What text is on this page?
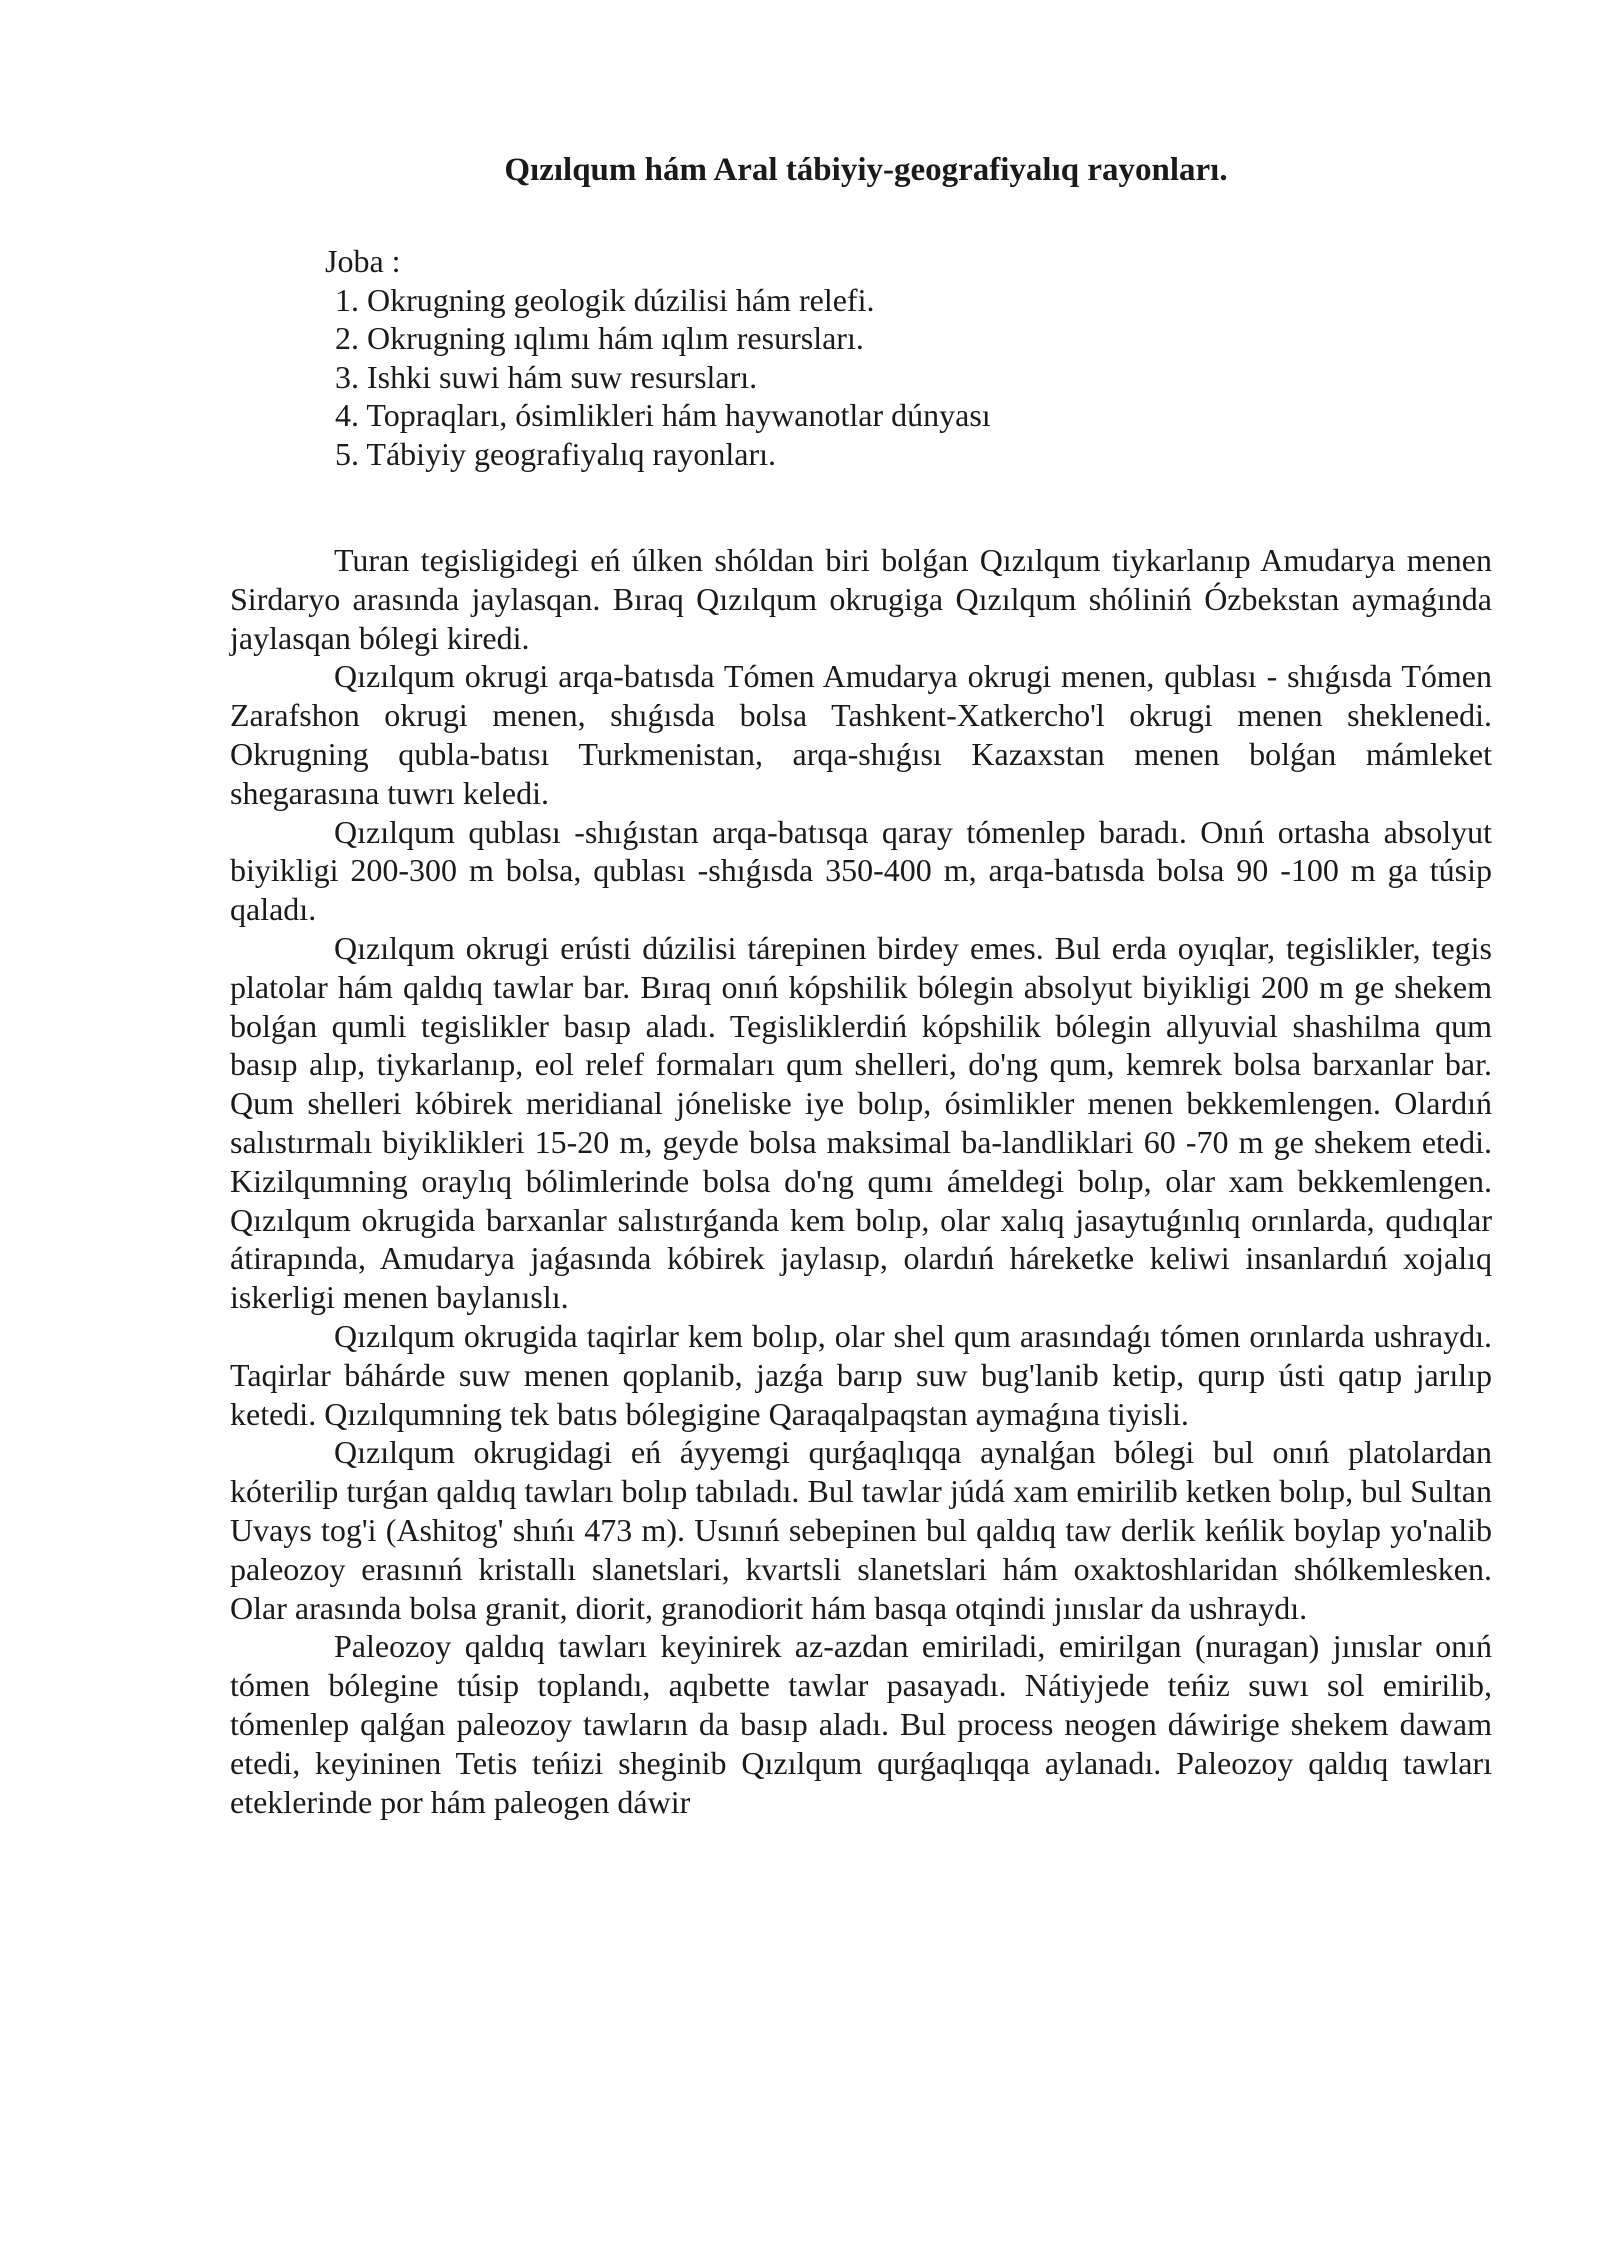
Qızılqum hám Aral tábiyiy-geografiyalıq rayonları.
Joba :
1. Okrugning geologik dúzilisi hám relefi.
2. Okrugning ıqlımı hám ıqlım resursları.
3. Ishki suwi hám suw resursları.
4. Topraqları, ósimlikleri hám haywanotlar dúnyası
5. Tábiyiy geografiyalıq rayonları.

Turan tegisligidegi eń úlken shóldan biri bolǵan Qızılqum tiykarlanıp Amudarya menen Sirdaryo arasında jaylasqan. Bıraq Qızılqum okrugiga Qızılqum shóliniń Ózbekstan aymaǵında jaylasqan bólegi kiredi.

Qızılqum okrugi arqa-batısda Tómen Amudarya okrugi menen, qublası - shıǵısda Tómen Zarafshon okrugi menen, shıǵısda bolsa Tashkent-Xatkercho'l okrugi menen sheklenedi. Okrugning qubla-batısı Turkmenistan, arqa-shıǵısı Kazaxstan menen bolǵan mámleket shegarasına tuwrı keledi.

Qızılqum qublası -shıǵıstan arqa-batısqa qaray tómenlep baradı. Onıń ortasha absolyut biyikligi 200-300 m bolsa, qublası -shıǵısda 350-400 m, arqa-batısda bolsa 90 -100 m ga túsip qaladı.

Qızılqum okrugi erústi dúzilisi tárepinen birdey emes. Bul erda oyıqlar, tegislikler, tegis platolar hám qaldıq tawlar bar. Bıraq onıń kópshilik bólegin absolyut biyikligi 200 m ge shekem bolǵan qumli tegislikler basıp aladı. Tegisliklerdiń kópshilik bólegin allyuvial shashilma qum basıp alıp, tiykarlanıp, eol relef formaları qum shelleri, do'ng qum, kemrek bolsa barxanlar bar. Qum shelleri kóbirek meridianal jóneliske iye bolıp, ósimlikler menen bekkemlengen. Olardıń salıstırmalı biyiklikleri 15-20 m, geyde bolsa maksimal ba-landliklari 60 -70 m ge shekem etedi. Kizilqumning oraylıq bólimlerinde bolsa do'ng qumı ámeldegi bolıp, olar xam bekkemlengen. Qızılqum okrugida barxanlar salıstırǵanda kem bolıp, olar xalıq jasaytuǵınlıq orınlarda, qudıqlar átirapında, Amudarya jaǵasında kóbirek jaylasıp, olardıń háreketke keliwi insanlardıń xojalıq iskerligi menen baylanıslı.

Qızılqum okrugida taqirlar kem bolıp, olar shel qum arasındaǵı tómen orınlarda ushraydı. Taqirlar báhárde suw menen qoplanib, jazǵa barıp suw bug'lanib ketip, qurıp ústi qatıp jarılıp ketedi. Qızılqumning tek batıs bólegigine Qaraqalpaqstan aymaǵına tiyisli.

Qızılqum okrugidagi eń áyyemgi qurǵaqlıqqa aynalǵan bólegi bul onıń platolardan kóterilip turǵan qaldıq tawları bolıp tabıladı. Bul tawlar júdá xam emirilib ketken bolıp, bul Sultan Uvays tog'i (Ashitog' shıńı 473 m). Usınıń sebepinen bul qaldıq taw derlik keńlik boylap yo'nalib paleozoy erasınıń kristallı slanetslari, kvartsli slanetslari hám oxaktoshlaridan shólkemlesken. Olar arasında bolsa granit, diorit, granodiorit hám basqa otqindi jınıslar da ushraydı.

Paleozoy qaldıq tawları keyinirek az-azdan emiriladi, emirilgan (nuragan) jınıslar onıń tómen bólegine túsip toplandı, aqıbette tawlar pasayadı. Nátiyjede teńiz suwı sol emirilib, tómenlep qalǵan paleozoy tawların da basıp aladı. Bul process neogen dáwirige shekem dawam etedi, keyininen Tetis teńizi sheginib Qızılqum qurǵaqlıqqa aylanadı. Paleozoy qaldıq tawları eteklerinde por hám paleogen dáwir
